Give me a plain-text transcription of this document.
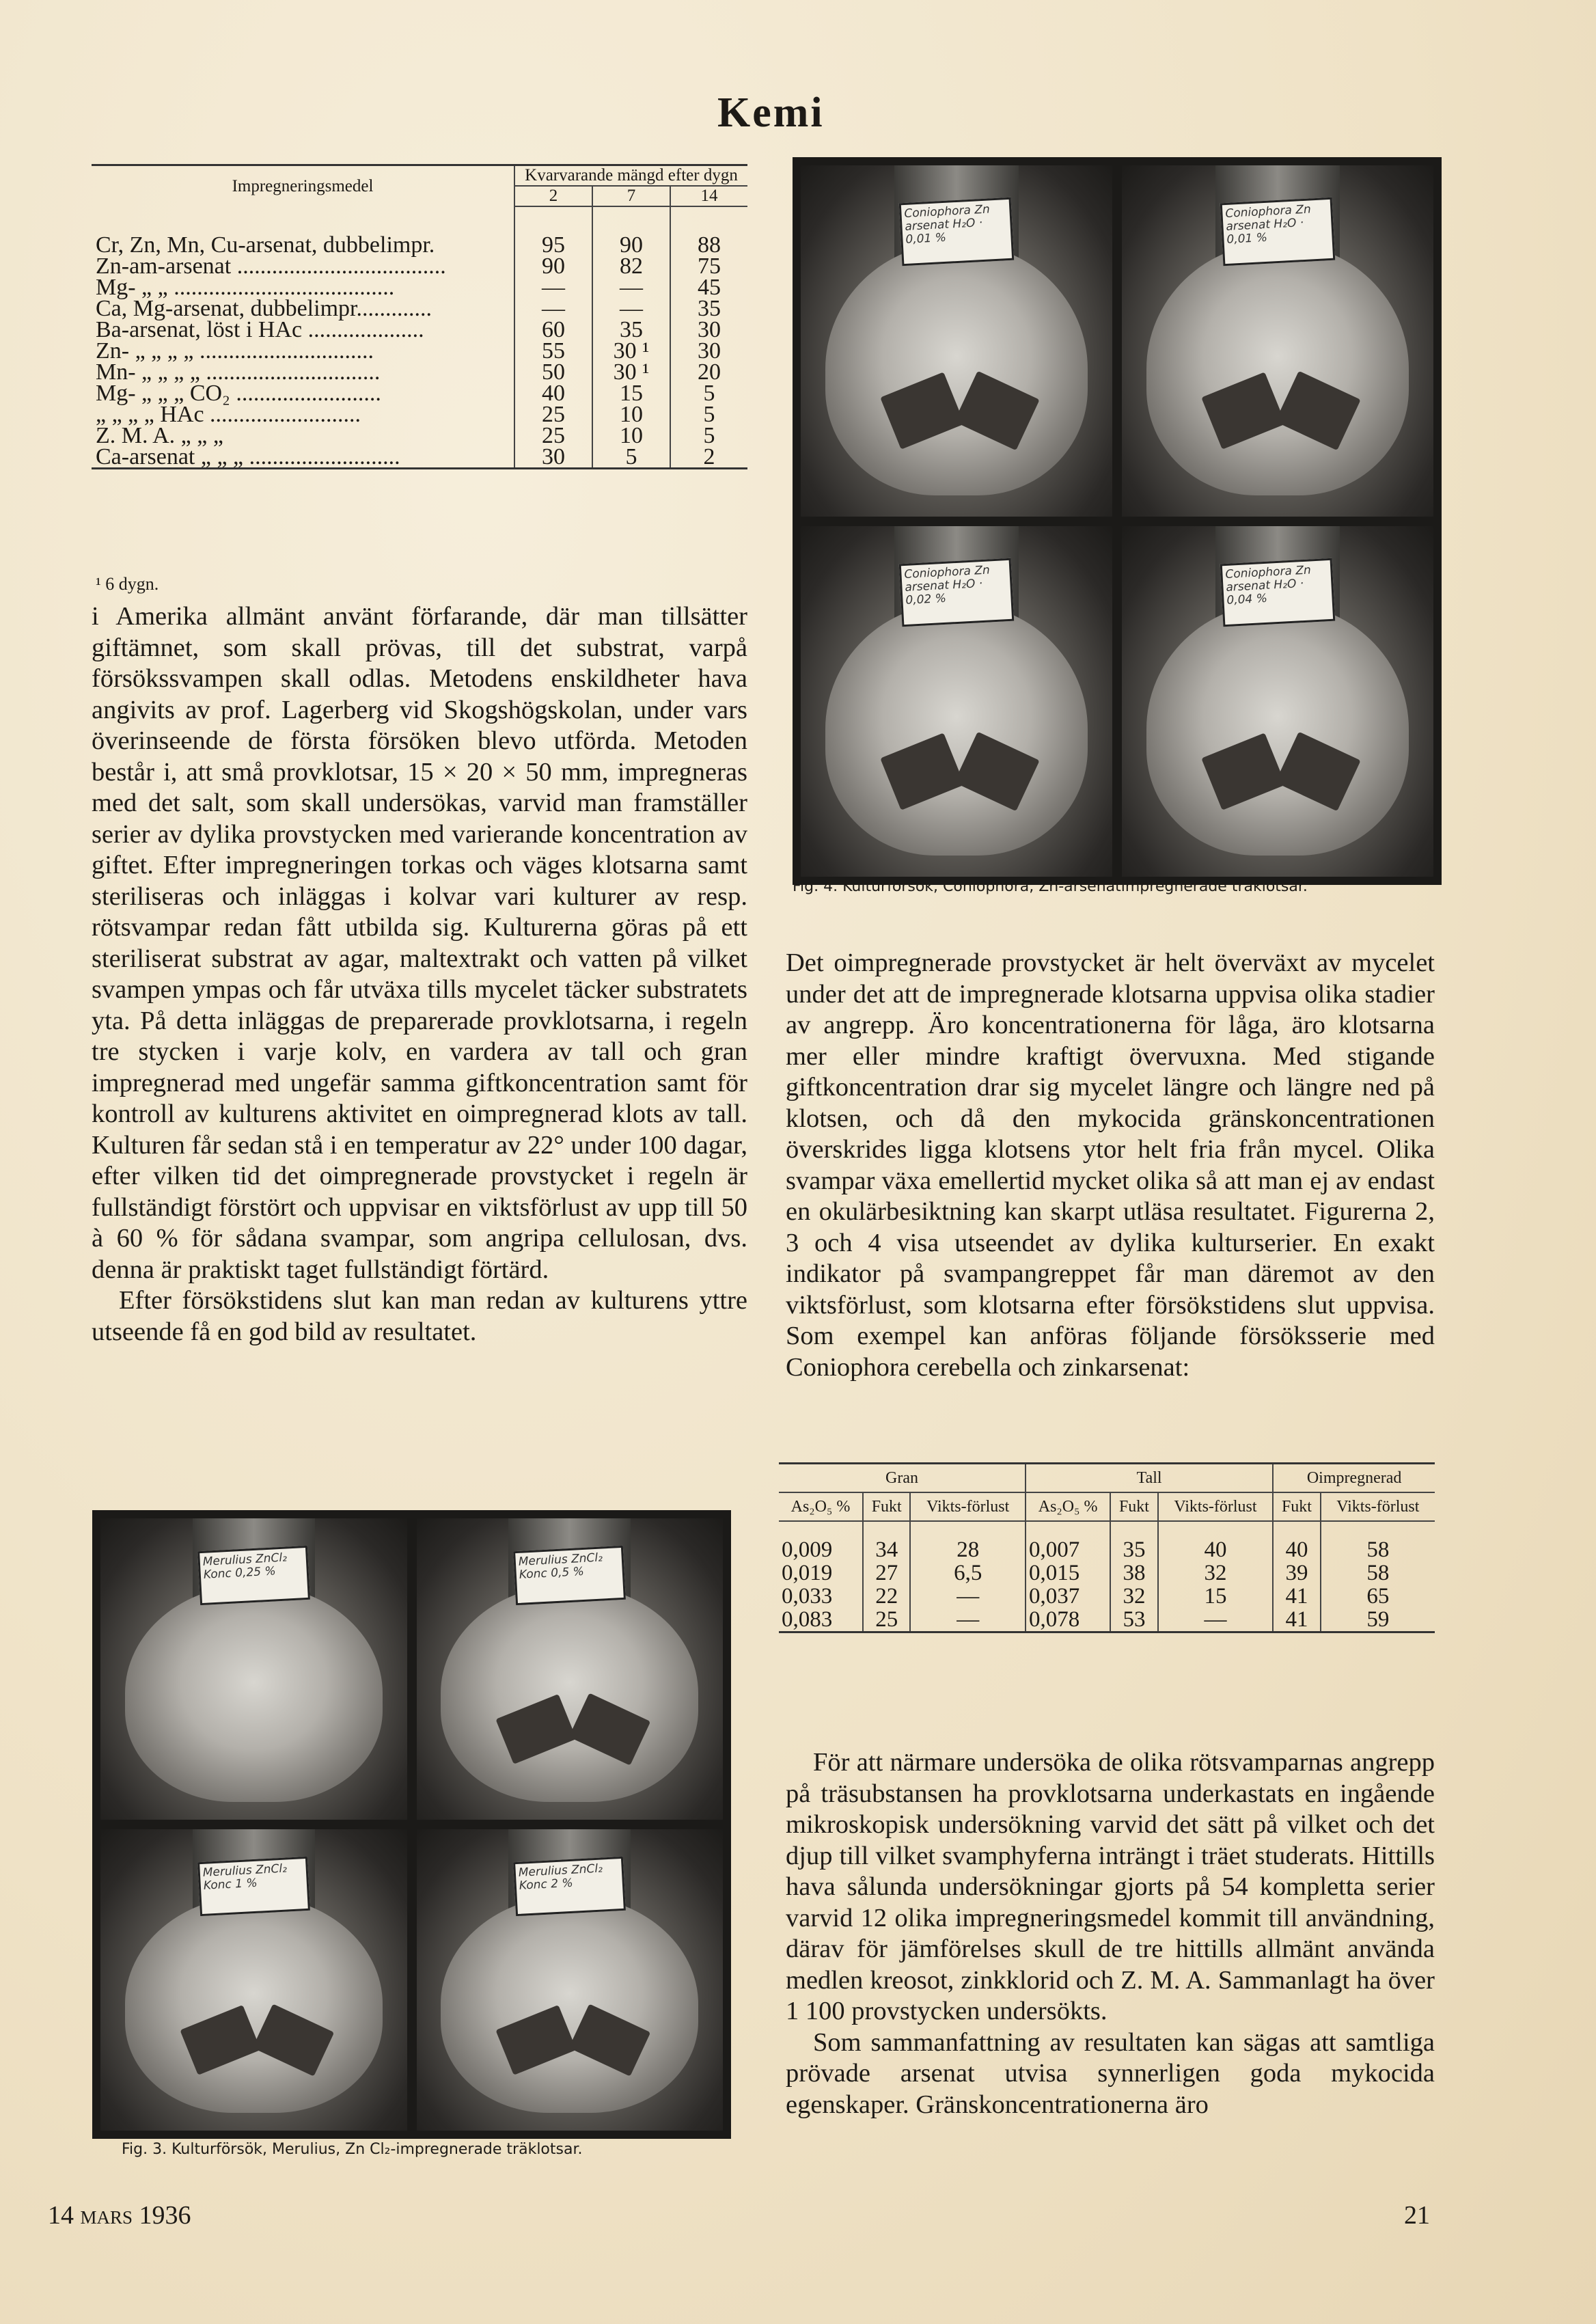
Kemi
Impregneringsmedel	Kvarvarande mängd efter dygn		
	2	7	14

Cr, Zn, Mn, Cu-arsenat, dubbelimpr.	95	90	88
Zn-am-arsenat ....................................	90	82	75
Mg- „ „ ......................................	—	—	45
Ca, Mg-arsenat, dubbelimpr.............	—	—	35
Ba-arsenat, löst i HAc ....................	60	35	30
Zn- „ „ „ „ ..............................	55	30 ¹	30
Mn- „ „ „ „ ..............................	50	30 ¹	20
Mg- „ „ „ CO₂ .........................	40	15	5
„ „ „ „ HAc ..........................	25	10	5
Z. M. A. „ „ „	25	10	5
Ca-arsenat „ „ „ ..........................	30	5	2
¹ 6 dygn.

i Amerika allmänt använt förfarande, där man tillsätter giftämnet, som skall prövas, till det substrat, varpå försökssvampen skall odlas. Metodens enskildheter hava angivits av prof. Lagerberg vid Skogshögskolan, under vars överinseende de första försöken blevo utförda. Metoden består i, att små provklotsar, 15 × 20 × 50 mm, impregneras med det salt, som skall undersökas, varvid man framställer serier av dylika provstycken med varierande koncentration av giftet. Efter impregneringen torkas och väges klotsarna samt steriliseras och inläggas i kolvar vari kulturer av resp. rötsvampar redan fått utbilda sig. Kulturerna göras på ett steriliserat substrat av agar, maltextrakt och vatten på vilket svampen ympas och får utväxa tills mycelet täcker substratets yta. På detta inläggas de preparerade provklotsarna, i regeln tre stycken i varje kolv, en vardera av tall och gran impregnerad med ungefär samma giftkoncentration samt för kontroll av kulturens aktivitet en oimpregnerad klots av tall. Kulturen får sedan stå i en temperatur av 22° under 100 dagar, efter vilken tid det oimpregnerade provstycket i regeln är fullständigt förstört och uppvisar en viktsförlust av upp till 50 à 60 % för sådana svampar, som angripa cellulosan, dvs. denna är praktiskt taget fullständigt förtärd.

Efter försökstidens slut kan man redan av kulturens yttre utseende få en god bild av resultatet.

Coniophora Zn arsenat H₂O · 0,01 %
Coniophora Zn arsenat H₂O · 0,01 %
Coniophora Zn arsenat H₂O · 0,02 %
Coniophora Zn arsenat H₂O · 0,04 %
Fig. 4. Kulturförsök, Coniophora, Zn-arsenatimpregnerade träklotsar.

Det oimpregnerade provstycket är helt överväxt av mycelet under det att de impregnerade klotsarna uppvisa olika stadier av angrepp. Äro koncentrationerna för låga, äro klotsarna mer eller mindre kraftigt övervuxna. Med stigande giftkoncentration drar sig mycelet längre och längre ned på klotsen, och då den mykocida gränskoncentrationen överskrides ligga klotsens ytor helt fria från mycel. Olika svampar växa emellertid mycket olika så att man ej av endast en okulärbesiktning kan skarpt utläsa resultatet. Figurerna 2, 3 och 4 visa utseendet av dylika kulturserier. En exakt indikator på svampangreppet får man däremot av den viktsförlust, som klotsarna efter försökstidens slut uppvisa. Som exempel kan anföras följande försöksserie med Coniophora cerebella och zinkarsenat:

Gran			Tall			Oimpregnerad	
As₂O₅ %	Fukt	Vikts-förlust	As₂O₅ %	Fukt	Vikts-förlust	Fukt	Vikts-förlust

0,009	34	28	0,007	35	40	40	58
0,019	27	6,5	0,015	38	32	39	58
0,033	22	—	0,037	32	15	41	65
0,083	25	—	0,078	53	—	41	59
Merulius ZnCl₂ Konc 0,25 %
Merulius ZnCl₂ Konc 0,5 %
Merulius ZnCl₂ Konc 1 %
Merulius ZnCl₂ Konc 2 %
Fig. 3. Kulturförsök, Merulius, Zn Cl₂-impregnerade träklotsar.

För att närmare undersöka de olika rötsvamparnas angrepp på träsubstansen ha provklotsarna underkastats en ingående mikroskopisk undersökning varvid det sätt på vilket och det djup till vilket svamphyferna inträngt i träet studerats. Hittills hava sålunda undersökningar gjorts på 54 kompletta serier varvid 12 olika impregneringsmedel kommit till användning, därav för jämförelses skull de tre hittills allmänt använda medlen kreosot, zinkklorid och Z. M. A. Sammanlagt ha över 1 100 provstycken undersökts.

Som sammanfattning av resultaten kan sägas att samtliga prövade arsenat utvisa synnerligen goda mykocida egenskaper. Gränskoncentrationerna äro

14 mars 1936	21
